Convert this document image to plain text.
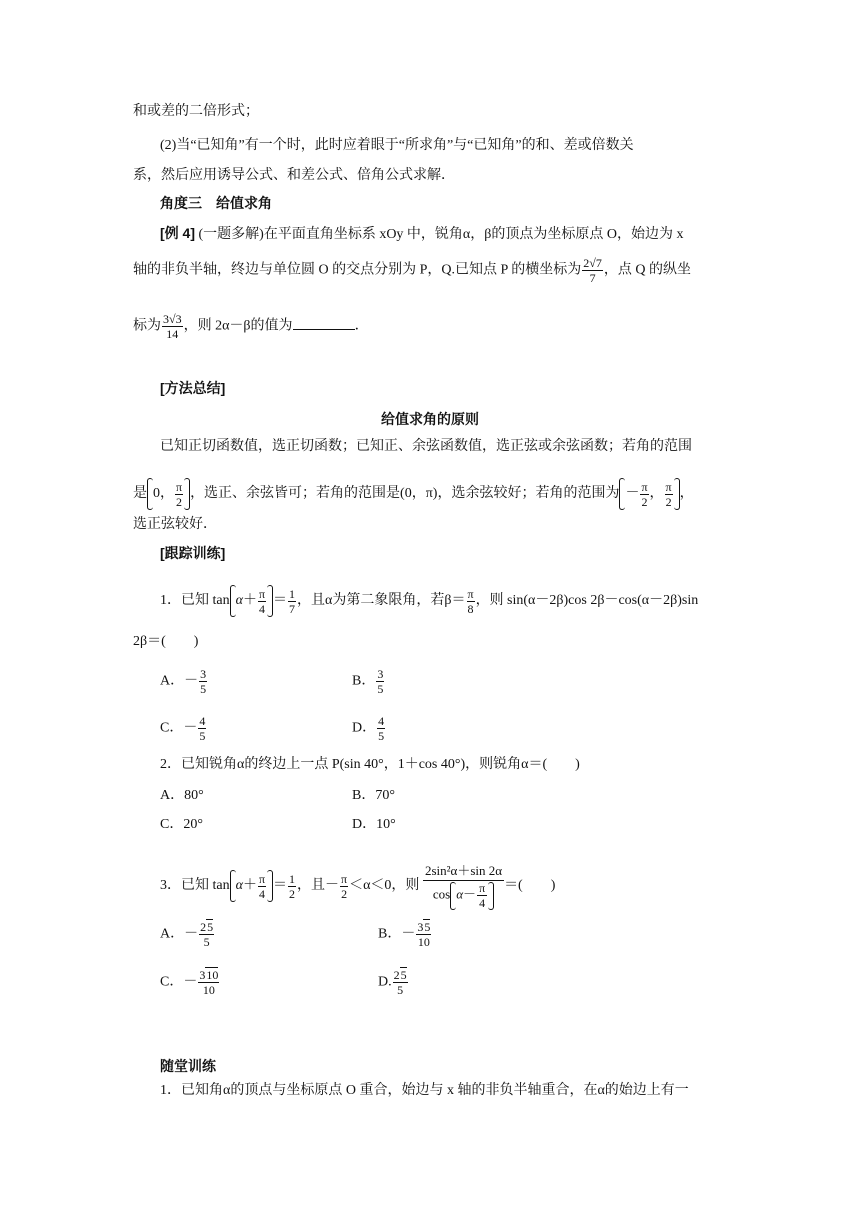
和或差的二倍形式；
(2)当“已知角”有一个时，此时应着眼于“所求角”与“已知角”的和、差或倍数关
系，然后应用诱导公式、和差公式、倍角公式求解．
角度三　给值求角
[例 4] (一题多解)在平面直角坐标系 xOy 中，锐角α，β的顶点为坐标原点 O，始边为 x
轴的非负半轴，终边与单位圆 O 的交点分别为 P，Q.已知点 P 的横坐标为 $\frac{2√7}{7}$ ，点 Q 的纵坐
标为 $\frac{3√3}{14}$ ，则 2α－β的值为	．
[方法总结]
给值求角的原则
已知正切函数值，选正切函数；已知正、余弦函数值，选正弦或余弦函数；若角的范围
是 0， $\frac{\pi}{2}$ ，选正、余弦皆可；若角的范围是(0，π)，选余弦较好；若角的范围为 － $\frac{\pi}{2}$ ， $\frac{\pi}{2}$ ，
选正弦较好．
[跟踪训练]
1．已知 $\tan \alpha+ \frac{\pi}{4} = \frac{1}{7}$ ，且α为第二象限角，若$\beta= \frac{\pi}{8}$ ，则 sin(α－2β)cos 2β－cos(α－2β)sin
2β＝(　　)
A．－ $\frac{3}{5}$	B． $\frac{3}{5}$
C．－ $\frac{4}{5}$	D． $\frac{4}{5}$
2．已知锐角α的终边上一点 P(sin 40°，1＋cos 40°)，则锐角α＝(　　)
A．80°	B．70°
C．20°	D．10°
3．已知 $\tan \alpha+ \frac{\pi}{4} = \frac{1}{2}$ ，且－ $\frac{\pi}{2} <\alpha<0$，则 $\frac{\text{2sin²α＋sin 2α}}{\cos \alpha- \frac{\pi}{4}}$ ＝(　　)
A．－ $\frac{25}{5}$	B．－ $\frac{35}{10}$
C．－ $\frac{310}{10}$	D. $\frac{25}{5}$
随堂训练
1．已知角α的顶点与坐标原点 O 重合，始边与 x 轴的非负半轴重合，在α的始边上有一
